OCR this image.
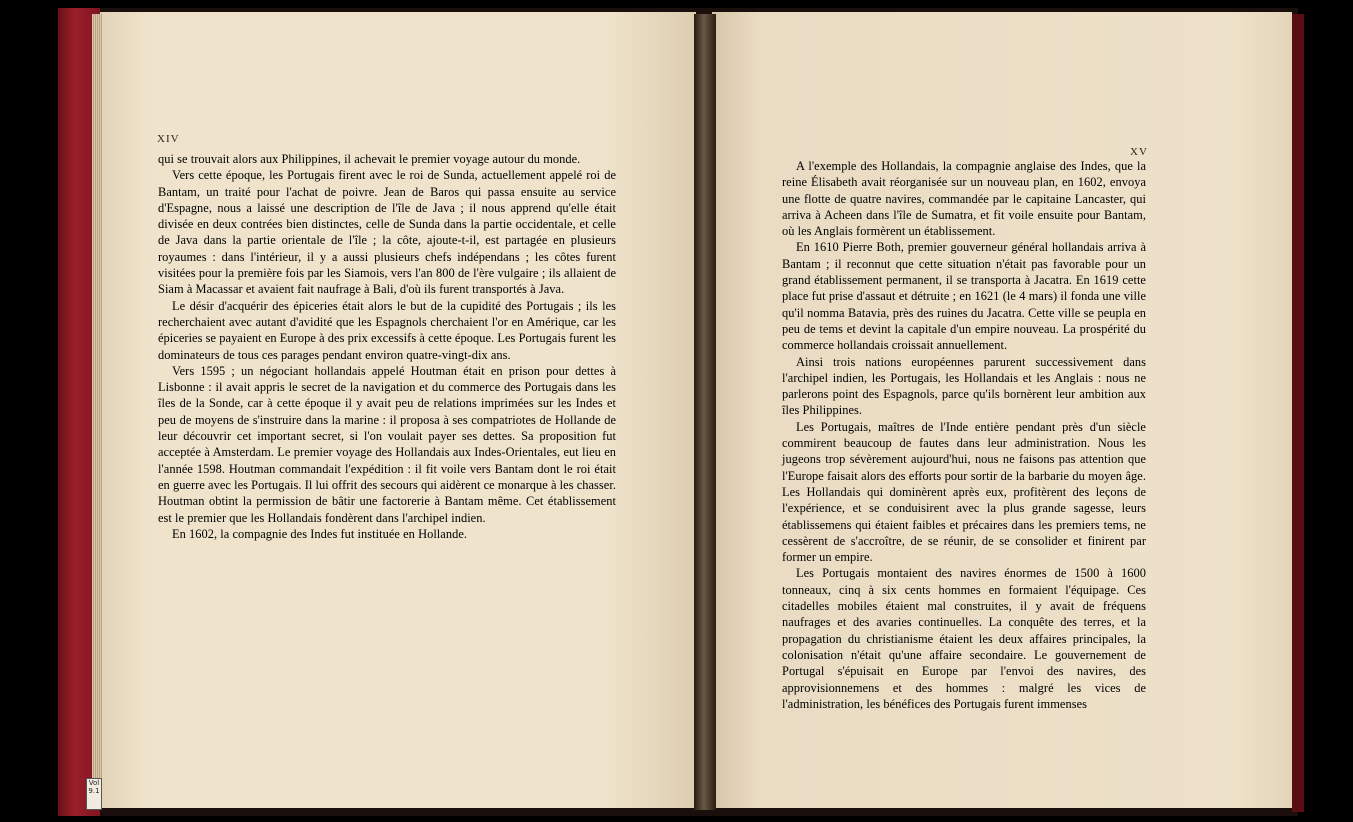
Vol 9.1
XIV
XV

qui se trouvait alors aux Philippines, il achevait le premier voyage autour du monde.

Vers cette époque, les Portugais firent avec le roi de Sunda, actuellement appelé roi de Bantam, un traité pour l'achat de poivre. Jean de Baros qui passa ensuite au service d'Espagne, nous a laissé une description de l'île de Java ; il nous apprend qu'elle était divisée en deux contrées bien distinctes, celle de Sunda dans la partie occidentale, et celle de Java dans la partie orientale de l'île ; la côte, ajoute-t-il, est partagée en plusieurs royaumes : dans l'intérieur, il y a aussi plusieurs chefs indépendans ; les côtes furent visitées pour la première fois par les Siamois, vers l'an 800 de l'ère vulgaire ; ils allaient de Siam à Macassar et avaient fait naufrage à Bali, d'où ils furent transportés à Java.

Le désir d'acquérir des épiceries était alors le but de la cupidité des Portugais ; ils les recherchaient avec autant d'avidité que les Espagnols cherchaient l'or en Amérique, car les épiceries se payaient en Europe à des prix excessifs à cette époque. Les Portugais furent les dominateurs de tous ces parages pendant environ quatre-vingt-dix ans.

Vers 1595 ; un négociant hollandais appelé Houtman était en prison pour dettes à Lisbonne : il avait appris le secret de la navigation et du commerce des Portugais dans les îles de la Sonde, car à cette époque il y avait peu de relations imprimées sur les Indes et peu de moyens de s'instruire dans la marine : il proposa à ses compatriotes de Hollande de leur découvrir cet important secret, si l'on voulait payer ses dettes. Sa proposition fut acceptée à Amsterdam. Le premier voyage des Hollandais aux Indes-Orientales, eut lieu en l'année 1598. Houtman commandait l'expédition : il fit voile vers Bantam dont le roi était en guerre avec les Portugais. Il lui offrit des secours qui aidèrent ce monarque à les chasser. Houtman obtint la permission de bâtir une factorerie à Bantam même. Cet établissement est le premier que les Hollandais fondèrent dans l'archipel indien.

En 1602, la compagnie des Indes fut instituée en Hollande.

A l'exemple des Hollandais, la compagnie anglaise des Indes, que la reine Élisabeth avait réorganisée sur un nouveau plan, en 1602, envoya une flotte de quatre navires, commandée par le capitaine Lancaster, qui arriva à Acheen dans l'île de Sumatra, et fit voile ensuite pour Bantam, où les Anglais formèrent un établissement.

En 1610 Pierre Both, premier gouverneur général hollandais arriva à Bantam ; il reconnut que cette situation n'était pas favorable pour un grand établissement permanent, il se transporta à Jacatra. En 1619 cette place fut prise d'assaut et détruite ; en 1621 (le 4 mars) il fonda une ville qu'il nomma Batavia, près des ruines du Jacatra. Cette ville se peupla en peu de tems et devint la capitale d'un empire nouveau. La prospérité du commerce hollandais croissait annuellement.

Ainsi trois nations européennes parurent successivement dans l'archipel indien, les Portugais, les Hollandais et les Anglais : nous ne parlerons point des Espagnols, parce qu'ils bornèrent leur ambition aux îles Philippines.

Les Portugais, maîtres de l'Inde entière pendant près d'un siècle commirent beaucoup de fautes dans leur administration. Nous les jugeons trop sévèrement aujourd'hui, nous ne faisons pas attention que l'Europe faisait alors des efforts pour sortir de la barbarie du moyen âge. Les Hollandais qui dominèrent après eux, profitèrent des leçons de l'expérience, et se conduisirent avec la plus grande sagesse, leurs établissemens qui étaient faibles et précaires dans les premiers tems, ne cessèrent de s'accroître, de se réunir, de se consolider et finirent par former un empire.

Les Portugais montaient des navires énormes de 1500 à 1600 tonneaux, cinq à six cents hommes en formaient l'équipage. Ces citadelles mobiles étaient mal construites, il y avait de fréquens naufrages et des avaries continuelles. La conquête des terres, et la propagation du christianisme étaient les deux affaires principales, la colonisation n'était qu'une affaire secondaire. Le gouvernement de Portugal s'épuisait en Europe par l'envoi des navires, des approvisionnemens et des hommes : malgré les vices de l'administration, les bénéfices des Portugais furent immenses
